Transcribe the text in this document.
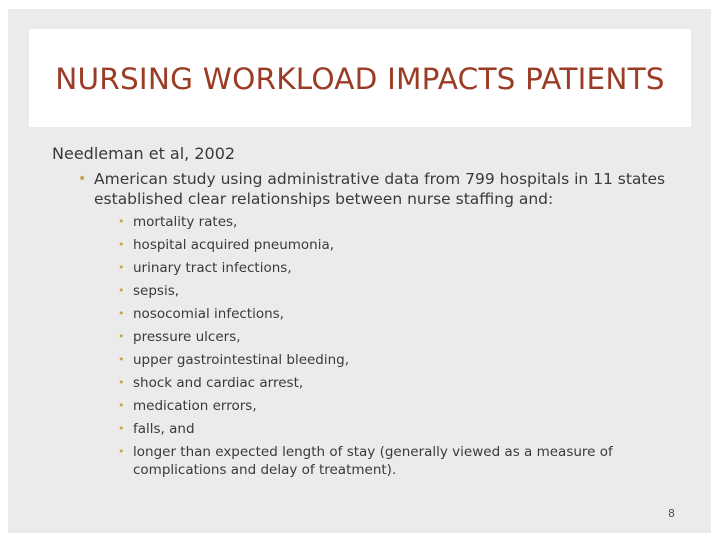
NURSING WORKLOAD IMPACTS PATIENTS
Needleman et al, 2002
• American study using administrative data from 799 hospitals in 11 states established clear relationships between nurse staffing and:
• mortality rates,
• hospital acquired pneumonia,
• urinary tract infections,
• sepsis,
• nosocomial infections,
• pressure ulcers,
• upper gastrointestinal bleeding,
• shock and cardiac arrest,
• medication errors,
• falls, and
• longer than expected length of stay (generally viewed as a measure of complications and delay of treatment).
8
